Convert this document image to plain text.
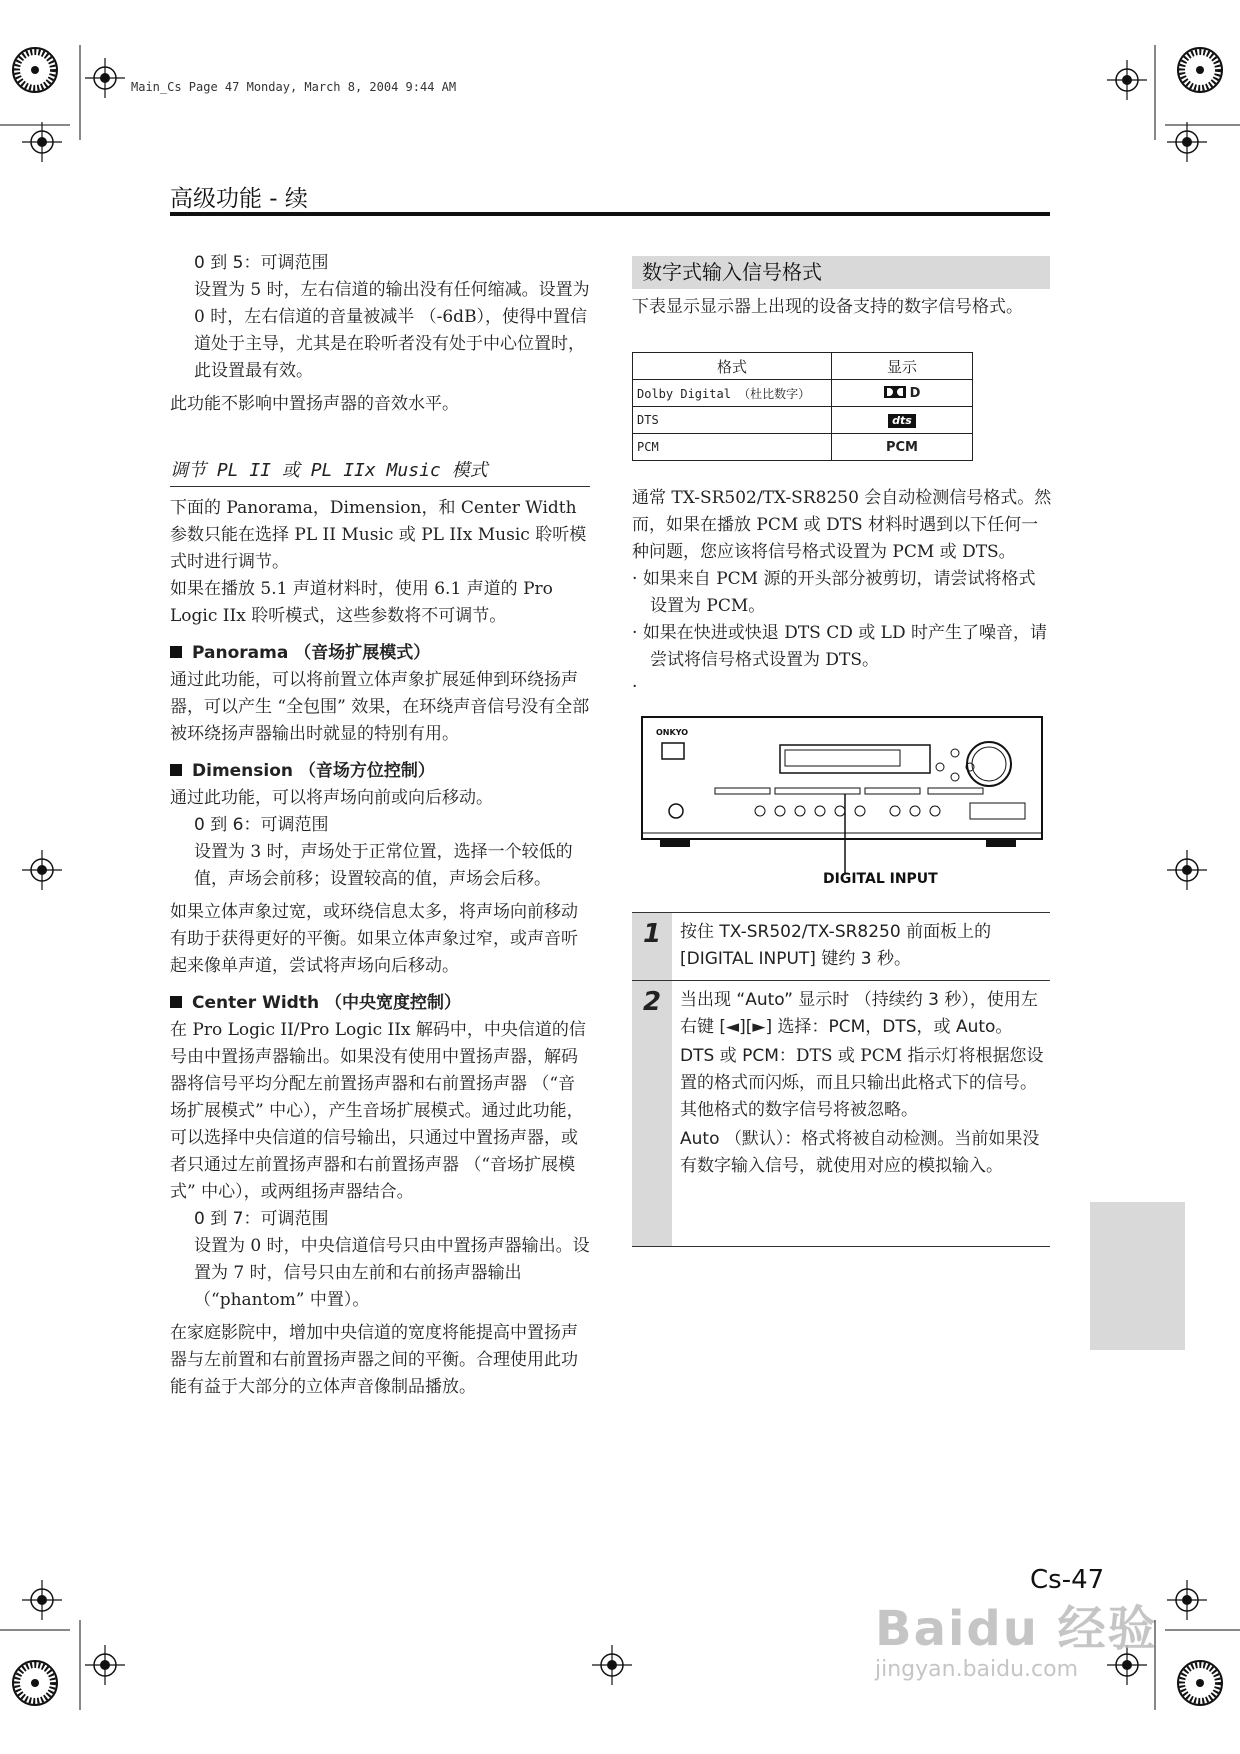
Main_Cs Page 47 Monday, March 8, 2004 9:44 AM
高级功能 - 续

0 到 5：可调范围

设置为 5 时，左右信道的输出没有任何缩减。设置为 0 时，左右信道的音量被减半 （-6dB），使得中置信道处于主导，尤其是在聆听者没有处于中心位置时，此设置最有效。

此功能不影响中置扬声器的音效水平。

调节 PL II 或 PL IIx Music 模式

下面的 Panorama，Dimension，和 Center Width 参数只能在选择 PL II Music 或 PL IIx Music 聆听模式时进行调节。

如果在播放 5.1 声道材料时，使用 6.1 声道的 Pro Logic IIx 聆听模式，这些参数将不可调节。

Panorama （音场扩展模式）

通过此功能，可以将前置立体声象扩展延伸到环绕扬声器，可以产生 “全包围” 效果，在环绕声音信号没有全部被环绕扬声器输出时就显的特别有用。

Dimension （音场方位控制）

通过此功能，可以将声场向前或向后移动。

0 到 6：可调范围

设置为 3 时，声场处于正常位置，选择一个较低的值，声场会前移；设置较高的值，声场会后移。

如果立体声象过宽，或环绕信息太多，将声场向前移动有助于获得更好的平衡。如果立体声象过窄，或声音听起来像单声道，尝试将声场向后移动。

Center Width （中央宽度控制）

在 Pro Logic II/Pro Logic IIx 解码中，中央信道的信号由中置扬声器输出。如果没有使用中置扬声器，解码器将信号平均分配左前置扬声器和右前置扬声器 （“音场扩展模式” 中心），产生音场扩展模式。通过此功能，可以选择中央信道的信号输出，只通过中置扬声器，或者只通过左前置扬声器和右前置扬声器 （“音场扩展模式” 中心），或两组扬声器结合。

0 到 7：可调范围

设置为 0 时，中央信道信号只由中置扬声器输出。设置为 7 时，信号只由左前和右前扬声器输出 （“phantom” 中置）。

在家庭影院中，增加中央信道的宽度将能提高中置扬声器与左前置和右前置扬声器之间的平衡。合理使用此功能有益于大部分的立体声音像制品播放。

数字式输入信号格式

下表显示显示器上出现的设备支持的数字信号格式。

格式	显示
Dolby Digital （杜比数字）	D
DTS	dts
PCM	PCM

通常 TX-SR502/TX-SR8250 会自动检测信号格式。然而，如果在播放 PCM 或 DTS 材料时遇到以下任何一种问题，您应该将信号格式设置为 PCM 或 DTS。

· 如果来自 PCM 源的开头部分被剪切，请尝试将格式设置为 PCM。

· 如果在快进或快退 DTS CD 或 LD 时产生了噪音，请尝试将信号格式设置为 DTS。

·

ONKYO
DIGITAL INPUT
1	按住 TX-SR502/TX-SR8250 前面板上的 [DIGITAL INPUT] 键约 3 秒。
2	当出现 “Auto” 显示时 （持续约 3 秒），使用左右键 [◄][►] 选择：PCM，DTS，或 Auto。
DTS 或 PCM：DTS 或 PCM 指示灯将根据您设置的格式而闪烁，而且只输出此格式下的信号。其他格式的数字信号将被忽略。
Auto （默认）：格式将被自动检测。当前如果没有数字输入信号，就使用对应的模拟输入。
Cs-47
Baidu 经验
jingyan.baidu.com
